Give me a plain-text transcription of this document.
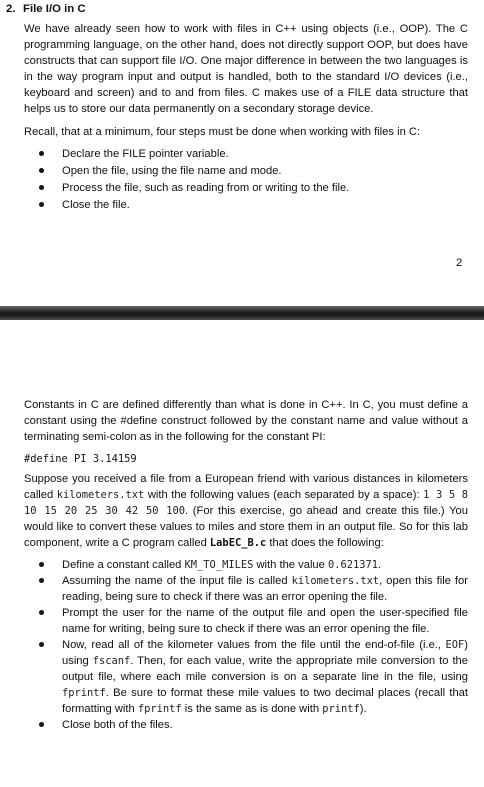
2. File I/O in C

We have already seen how to work with files in C++ using objects (i.e., OOP). The C programming language, on the other hand, does not directly support OOP, but does have constructs that can support file I/O. One major difference in between the two languages is in the way program input and output is handled, both to the standard I/O devices (i.e., keyboard and screen) and to and from files. C makes use of a FILE data structure that helps us to store our data permanently on a secondary storage device.

Recall, that at a minimum, four steps must be done when working with files in C:

Declare the FILE pointer variable.
Open the file, using the file name and mode.
Process the file, such as reading from or writing to the file.
Close the file.
2

Constants in C are defined differently than what is done in C++. In C, you must define a constant using the #define construct followed by the constant name and value without a terminating semi-colon as in the following for the constant PI:

#define PI 3.14159

Suppose you received a file from a European friend with various distances in kilometers called kilometers.txt with the following values (each separated by a space): 1 3 5 8 10 15 20 25 30 42 50 100. (For this exercise, go ahead and create this file.) You would like to convert these values to miles and store them in an output file. So for this lab component, write a C program called LabEC_B.c that does the following:

Define a constant called KM_TO_MILES with the value 0.621371.
Assuming the name of the input file is called kilometers.txt, open this file for reading, being sure to check if there was an error opening the file.
Prompt the user for the name of the output file and open the user-specified file name for writing, being sure to check if there was an error opening the file.
Now, read all of the kilometer values from the file until the end-of-file (i.e., EOF) using fscanf. Then, for each value, write the appropriate mile conversion to the output file, where each mile conversion is on a separate line in the file, using fprintf. Be sure to format these mile values to two decimal places (recall that formatting with fprintf is the same as is done with printf).
Close both of the files.
